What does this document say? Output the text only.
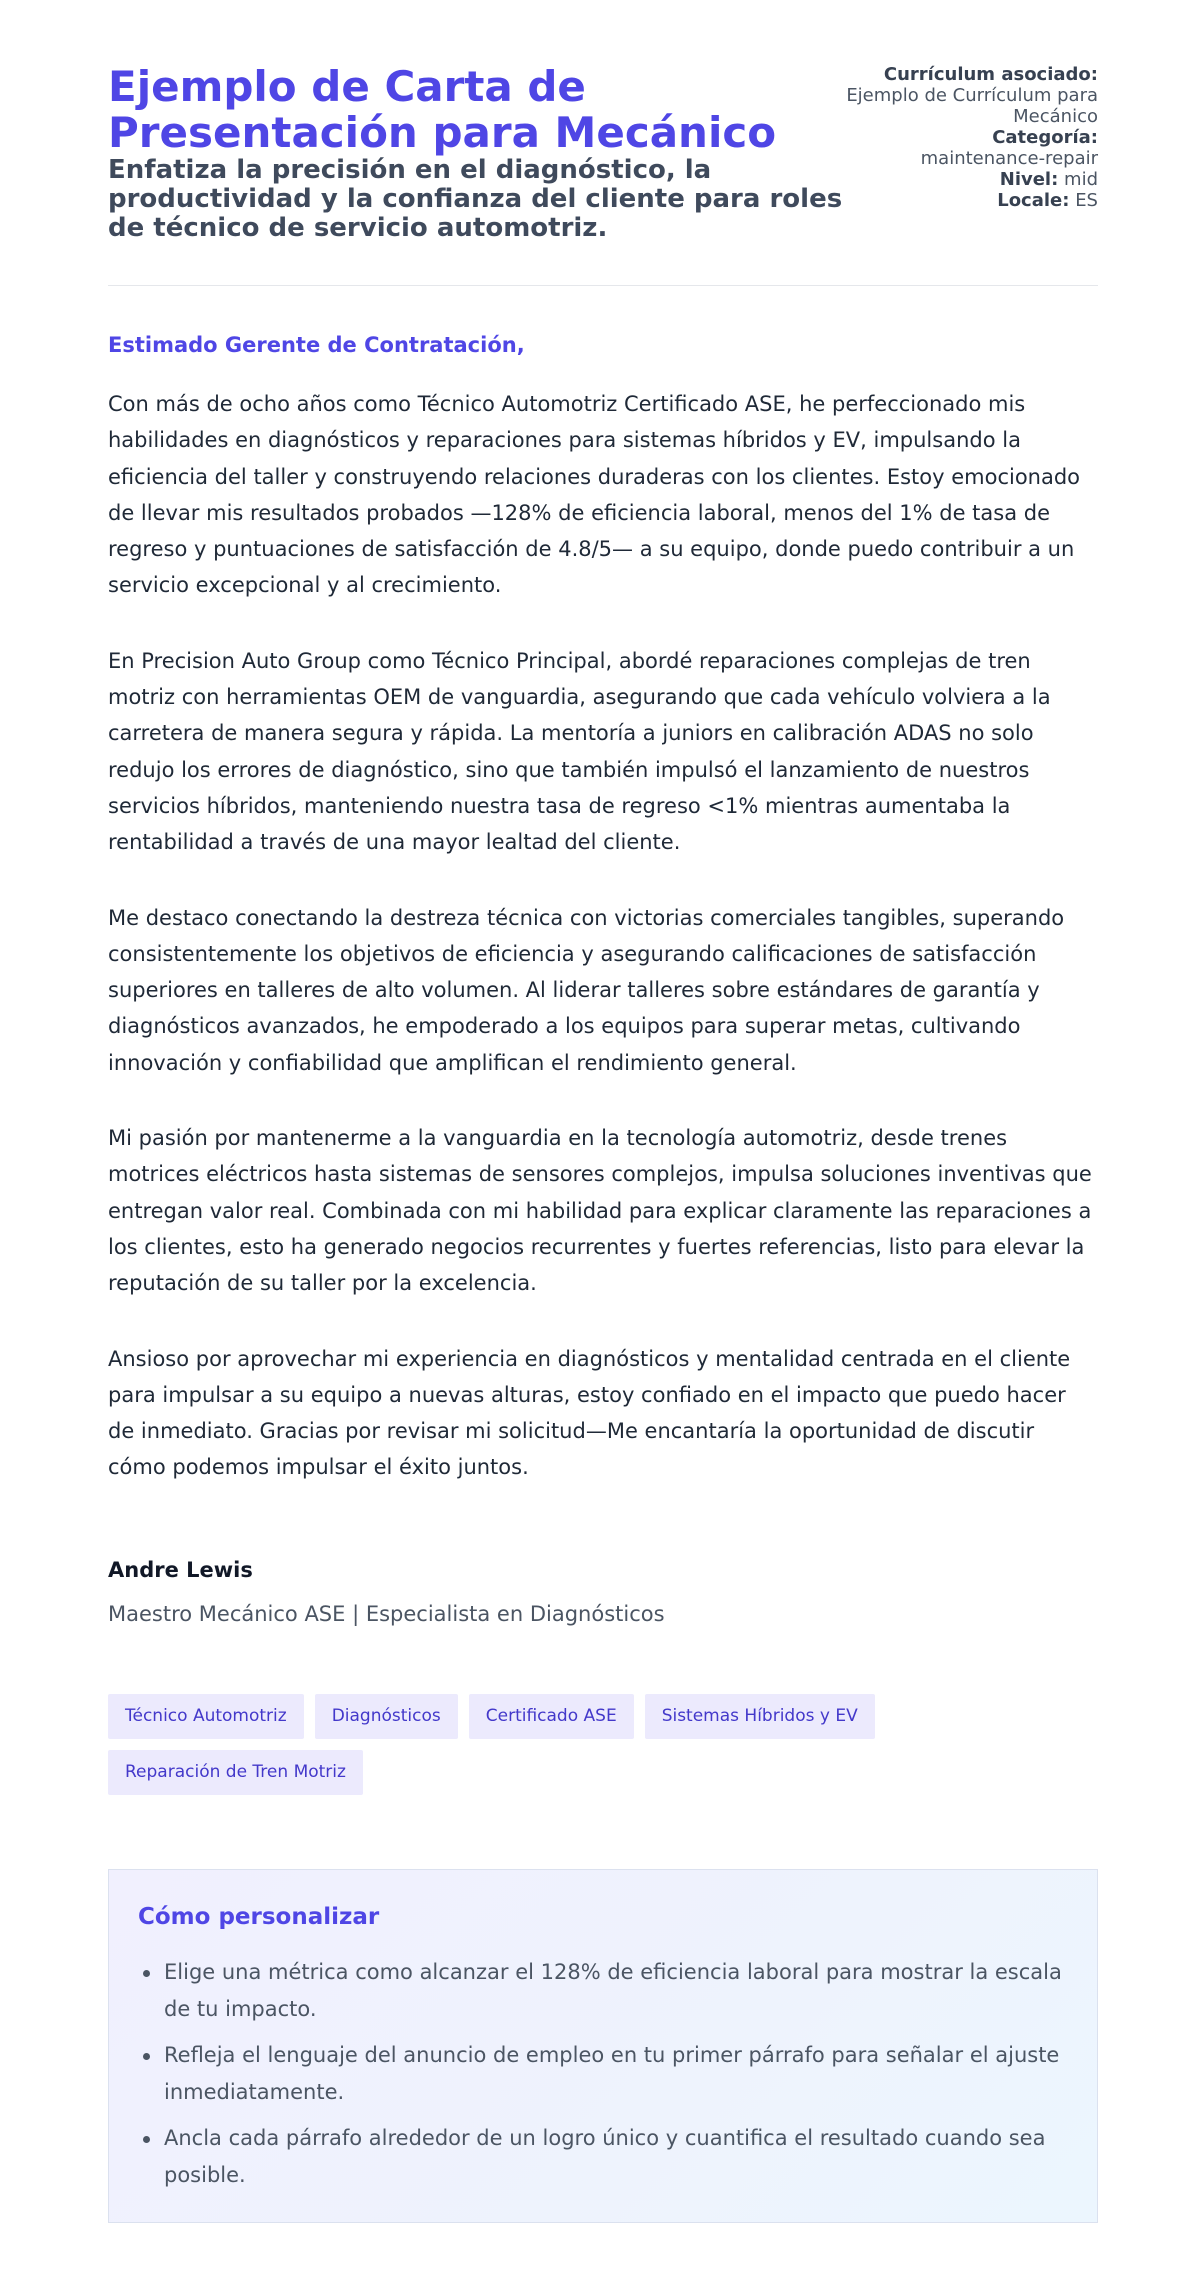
Ejemplo de Carta de Presentación para Mecánico

Enfatiza la precisión en el diagnóstico, la productividad y la confianza del cliente para roles de técnico de servicio automotriz.

Currículum asociado:
Ejemplo de Currículum para Mecánico

Categoría:
maintenance-repair

Nivel: mid

Locale: ES

Estimado Gerente de Contratación,

Con más de ocho años como Técnico Automotriz Certificado ASE, he perfeccionado mis habilidades en diagnósticos y reparaciones para sistemas híbridos y EV, impulsando la eficiencia del taller y construyendo relaciones duraderas con los clientes. Estoy emocionado de llevar mis resultados probados —128% de eficiencia laboral, menos del 1% de tasa de regreso y puntuaciones de satisfacción de 4.8/5— a su equipo, donde puedo contribuir a un servicio excepcional y al crecimiento.

En Precision Auto Group como Técnico Principal, abordé reparaciones complejas de tren motriz con herramientas OEM de vanguardia, asegurando que cada vehículo volviera a la carretera de manera segura y rápida. La mentoría a juniors en calibración ADAS no solo redujo los errores de diagnóstico, sino que también impulsó el lanzamiento de nuestros servicios híbridos, manteniendo nuestra tasa de regreso <1% mientras aumentaba la rentabilidad a través de una mayor lealtad del cliente.

Me destaco conectando la destreza técnica con victorias comerciales tangibles, superando consistentemente los objetivos de eficiencia y asegurando calificaciones de satisfacción superiores en talleres de alto volumen. Al liderar talleres sobre estándares de garantía y diagnósticos avanzados, he empoderado a los equipos para superar metas, cultivando innovación y confiabilidad que amplifican el rendimiento general.

Mi pasión por mantenerme a la vanguardia en la tecnología automotriz, desde trenes motrices eléctricos hasta sistemas de sensores complejos, impulsa soluciones inventivas que entregan valor real. Combinada con mi habilidad para explicar claramente las reparaciones a los clientes, esto ha generado negocios recurrentes y fuertes referencias, listo para elevar la reputación de su taller por la excelencia.

Ansioso por aprovechar mi experiencia en diagnósticos y mentalidad centrada en el cliente para impulsar a su equipo a nuevas alturas, estoy confiado en el impacto que puedo hacer de inmediato. Gracias por revisar mi solicitud—Me encantaría la oportunidad de discutir cómo podemos impulsar el éxito juntos.

Andre Lewis

Maestro Mecánico ASE | Especialista en Diagnósticos

Técnico Automotriz	Diagnósticos	Certificado ASE	Sistemas Híbridos y EV
Reparación de Tren Motriz
Cómo personalizar
Elige una métrica como alcanzar el 128% de eficiencia laboral para mostrar la escala de tu impacto.
Refleja el lenguaje del anuncio de empleo en tu primer párrafo para señalar el ajuste inmediatamente.
Ancla cada párrafo alrededor de un logro único y cuantifica el resultado cuando sea posible.
